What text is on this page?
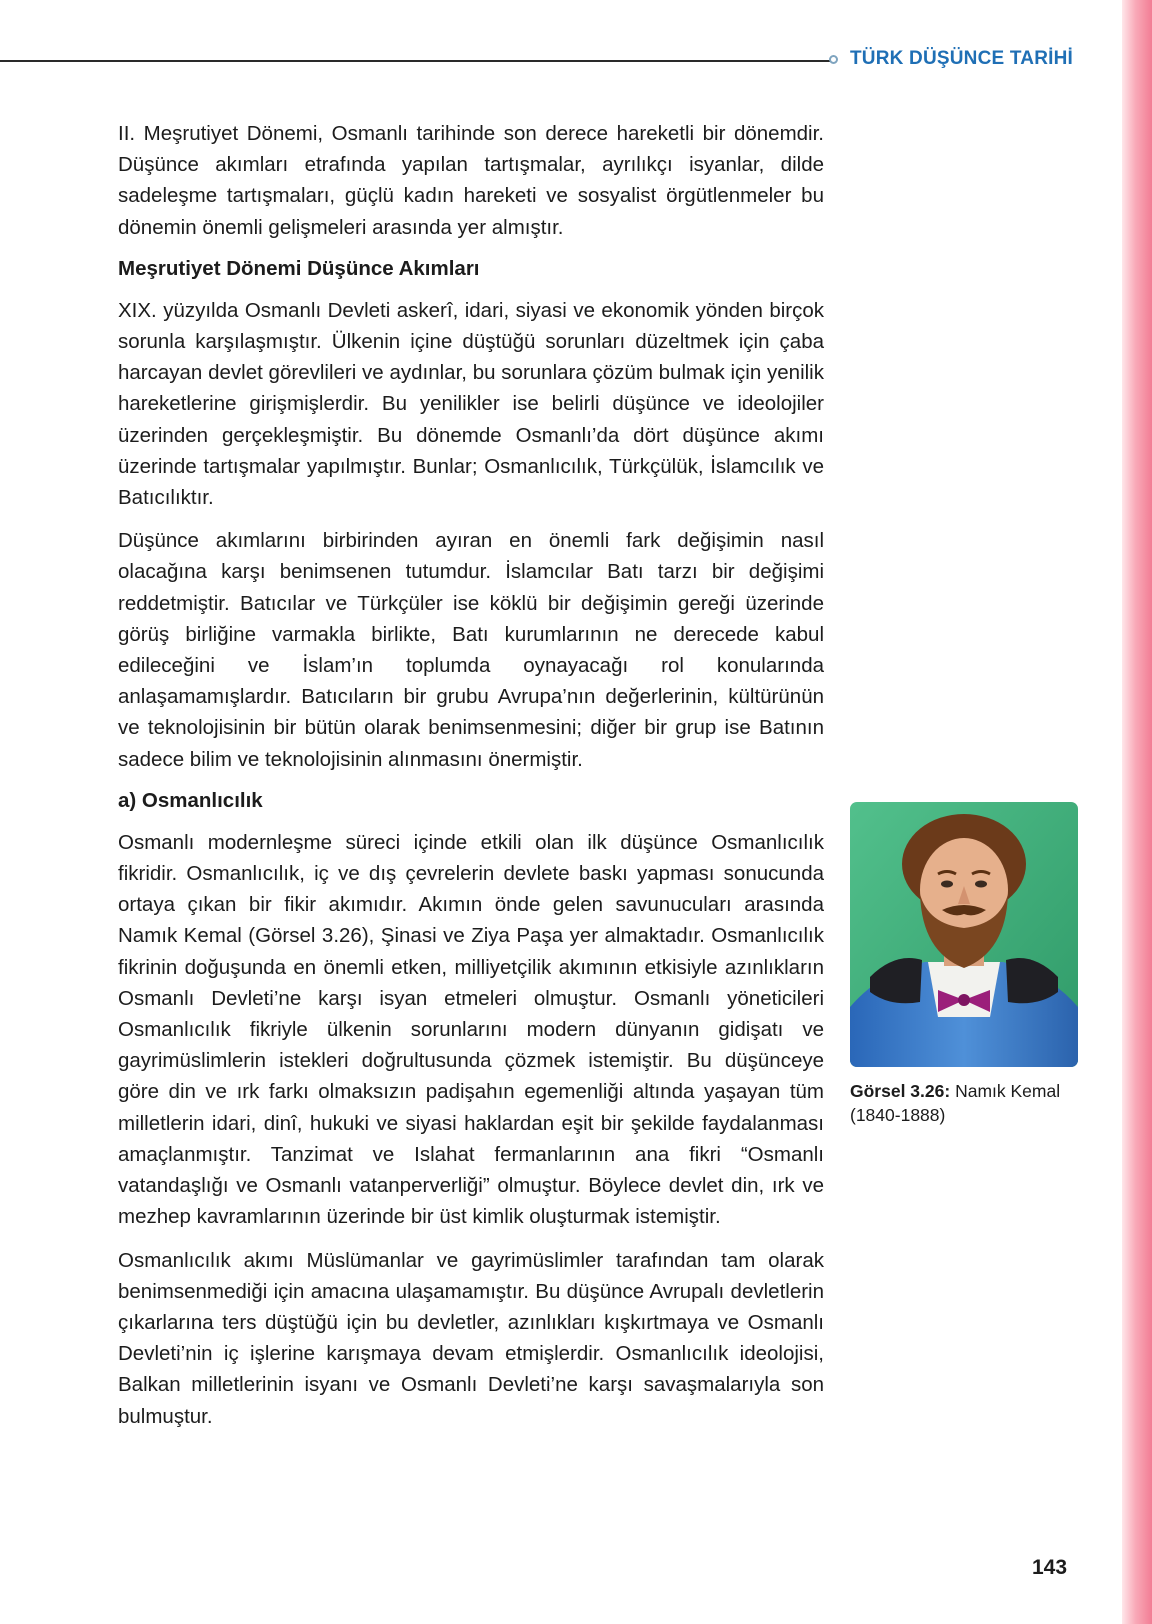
TÜRK DÜŞÜNCE TARİHİ

II. Meşrutiyet Dönemi, Osmanlı tarihinde son derece hareketli bir dönemdir. Düşünce akımları etrafında yapılan tartışmalar, ayrılıkçı isyanlar, dilde sadeleşme tartışmaları, güçlü kadın hareketi ve sosyalist örgütlenmeler bu dönemin önemli gelişmeleri arasında yer almıştır.

Meşrutiyet Dönemi Düşünce Akımları

XIX. yüzyılda Osmanlı Devleti askerî, idari, siyasi ve ekonomik yönden birçok sorunla karşılaşmıştır. Ülkenin içine düştüğü sorunları düzeltmek için çaba harcayan devlet görevlileri ve aydınlar, bu sorunlara çözüm bulmak için yenilik hareketlerine girişmişlerdir. Bu yenilikler ise belirli düşünce ve ideolojiler üzerinden gerçekleşmiştir. Bu dönemde Osmanlı’da dört düşünce akımı üzerinde tartışmalar yapılmıştır. Bunlar; Osmanlıcılık, Türkçülük, İslamcılık ve Batıcılıktır.

Düşünce akımlarını birbirinden ayıran en önemli fark değişimin nasıl olacağına karşı benimsenen tutumdur. İslamcılar Batı tarzı bir değişimi reddetmiştir. Batıcılar ve Türkçüler ise köklü bir değişimin gereği üzerinde görüş birliğine varmakla birlikte, Batı kurumlarının ne derecede kabul edileceğini ve İslam’ın toplumda oynayacağı rol konularında anlaşamamışlardır. Batıcıların bir grubu Avrupa’nın değerlerinin, kültürünün ve teknolojisinin bir bütün olarak benimsenmesini; diğer bir grup ise Batının sadece bilim ve teknolojisinin alınmasını önermiştir.

a) Osmanlıcılık

Osmanlı modernleşme süreci içinde etkili olan ilk düşünce Osmanlıcılık fikridir. Osmanlıcılık, iç ve dış çevrelerin devlete baskı yapması sonucunda ortaya çıkan bir fikir akımıdır. Akımın önde gelen savunucuları arasında Namık Kemal (Görsel 3.26), Şinasi ve Ziya Paşa yer almaktadır. Osmanlıcılık fikrinin doğuşunda en önemli etken, milliyetçilik akımının etkisiyle azınlıkların Osmanlı Devleti’ne karşı isyan etmeleri olmuştur. Osmanlı yöneticileri Osmanlıcılık fikriyle ülkenin sorunlarını modern dünyanın gidişatı ve gayrimüslimlerin istekleri doğrultusunda çözmek istemiştir. Bu düşünceye göre din ve ırk farkı olmaksızın padişahın egemenliği altında yaşayan tüm milletlerin idari, dinî, hukuki ve siyasi haklardan eşit bir şekilde faydalanması amaçlanmıştır. Tanzimat ve Islahat fermanlarının ana fikri “Osmanlı vatandaşlığı ve Osmanlı vatanperverliği” olmuştur. Böylece devlet din, ırk ve mezhep kavramlarının üzerinde bir üst kimlik oluşturmak istemiştir.

Osmanlıcılık akımı Müslümanlar ve gayrimüslimler tarafından tam olarak benimsenmediği için amacına ulaşamamıştır. Bu düşünce Avrupalı devletlerin çıkarlarına ters düştüğü için bu devletler, azınlıkları kışkırtmaya ve Osmanlı Devleti’nin iç işlerine karışmaya devam etmişlerdir. Osmanlıcılık ideolojisi, Balkan milletlerinin isyanı ve Osmanlı Devleti’ne karşı savaşmalarıyla son bulmuştur.

Görsel 3.26: Namık Kemal
(1840-1888)
143
